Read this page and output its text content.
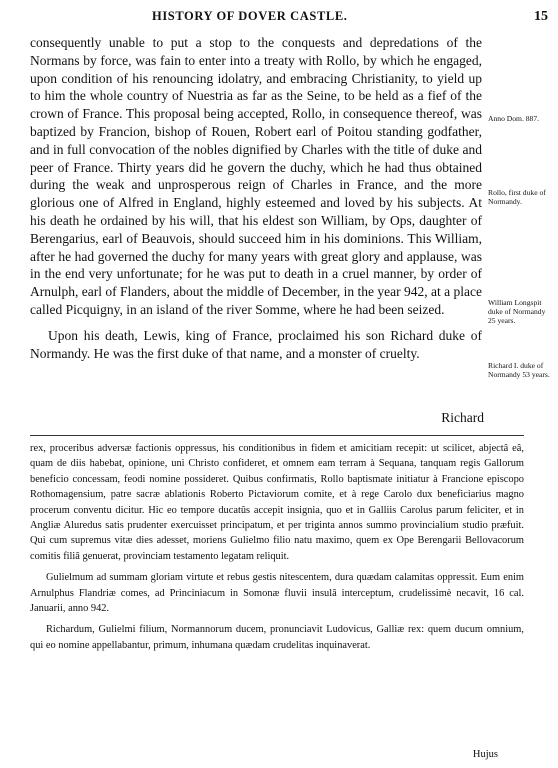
HISTORY OF DOVER CASTLE.	15

consequently unable to put a stop to the conquests and depredations of the Normans by force, was fain to enter into a treaty with Rollo, by which he engaged, upon condition of his renouncing idolatry, and embracing Christianity, to yield up to him the whole country of Nuestria as far as the Seine, to be held as a fief of the crown of France. This proposal being accepted, Rollo, in consequence thereof, was baptized by Francion, bishop of Rouen, Robert earl of Poitou standing godfather, and in full convocation of the nobles dignified by Charles with the title of duke and peer of France. Thirty years did he govern the duchy, which he had thus obtained during the weak and unprosperous reign of Charles in France, and the more glorious one of Alfred in England, highly esteemed and loved by his subjects. At his death he ordained by his will, that his eldest son William, by Ops, daughter of Berengarius, earl of Beauvois, should succeed him in his dominions. This William, after he had governed the duchy for many years with great glory and applause, was in the end very unfortunate; for he was put to death in a cruel manner, by order of Arnulph, earl of Flanders, about the middle of December, in the year 942, at a place called Picquigny, in an island of the river Somme, where he had been seized.

Upon his death, Lewis, king of France, proclaimed his son Richard duke of Normandy. He was the first duke of that name, and a monster of cruelty.

Richard
Anno Dom. 887.
Rollo, first duke of Normandy.
William Longspit duke of Normandy 25 years.
Richard I. duke of Normandy 53 years.

rex, proceribus adversæ factionis oppressus, his conditionibus in fidem et amicitiam recepit: ut scilicet, abjectâ eâ, quam de diis habebat, opinione, uni Christo confideret, et omnem eam terram à Sequana, tanquam regis Gallorum beneficio concessam, feodi nomine possideret. Quibus confirmatis, Rollo baptismate initiatur à Francione episcopo Rothomagensium, patre sacræ ablationis Roberto Pictaviorum comite, et à rege Carolo dux beneficiarius magno procerum conventu dicitur. Hic eo tempore ducatûs accepit insignia, quo et in Galliis Carolus parum feliciter, et in Angliæ Aluredus satis prudenter exercuisset principatum, et per triginta annos summo provincialium studio præfuit. Qui cum supremus vitæ dies adesset, moriens Gulielmo filio natu maximo, quem ex Ope Berengarii Bellovacorum comitis filiâ genuerat, provinciam testamento legatam reliquit.

Gulielmum ad summam gloriam virtute et rebus gestis nitescentem, dura quædam calamitas oppressit. Eum enim Arnulphus Flandriæ comes, ad Princiniacum in Somonæ fluvii insulâ interceptum, crudelissimè necavit, 16 cal. Januarii, anno 942.

Richardum, Gulielmi filium, Normannorum ducem, pronunciavit Ludovicus, Galliæ rex: quem ducum omnium, qui eo nomine appellabantur, primum, inhumana quædam crudelitas inquinaverat.

Hujus
